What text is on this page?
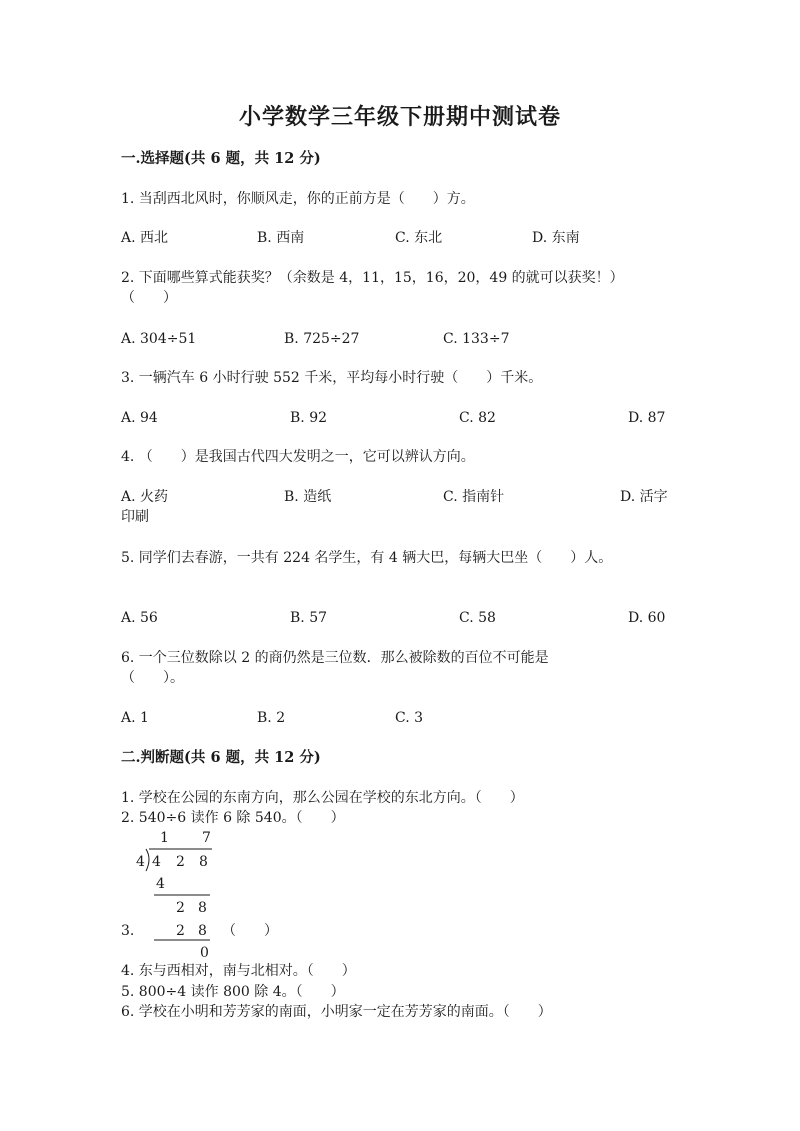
小学数学三年级下册期中测试卷
一.选择题(共 6 题，共 12 分)
1. 当刮西北风时，你顺风走，你的正前方是（　　）方。
A. 西北	B. 西南	C. 东北	D. 东南
2. 下面哪些算式能获奖？（余数是 4，11，15，16，20，49 的就可以获奖！）
（　　）
A. 304÷51	B. 725÷27	C. 133÷7
3. 一辆汽车 6 小时行驶 552 千米，平均每小时行驶（　　）千米。
A. 94	B. 92	C. 82	D. 87
4. （　　）是我国古代四大发明之一，它可以辨认方向。
A. 火药	B. 造纸	C. 指南针	D. 活字
印刷
5. 同学们去春游，一共有 224 名学生，有 4 辆大巴，每辆大巴坐（　　）人。
A. 56	B. 57	C. 58	D. 60
6. 一个三位数除以 2 的商仍然是三位数．那么被除数的百位不可能是
（　　）。
A. 1	B. 2	C. 3
二.判断题(共 6 题，共 12 分)
1. 学校在公园的东南方向，那么公园在学校的东北方向。（　　）
2. 540÷6 读作 6 除 540。（　　）
1 7
4 4 2 8
4
2 8
2 8
0
3.	（　　）
4. 东与西相对，南与北相对。（　　）
5. 800÷4 读作 800 除 4。（　　）
6. 学校在小明和芳芳家的南面，小明家一定在芳芳家的南面。（　　）
